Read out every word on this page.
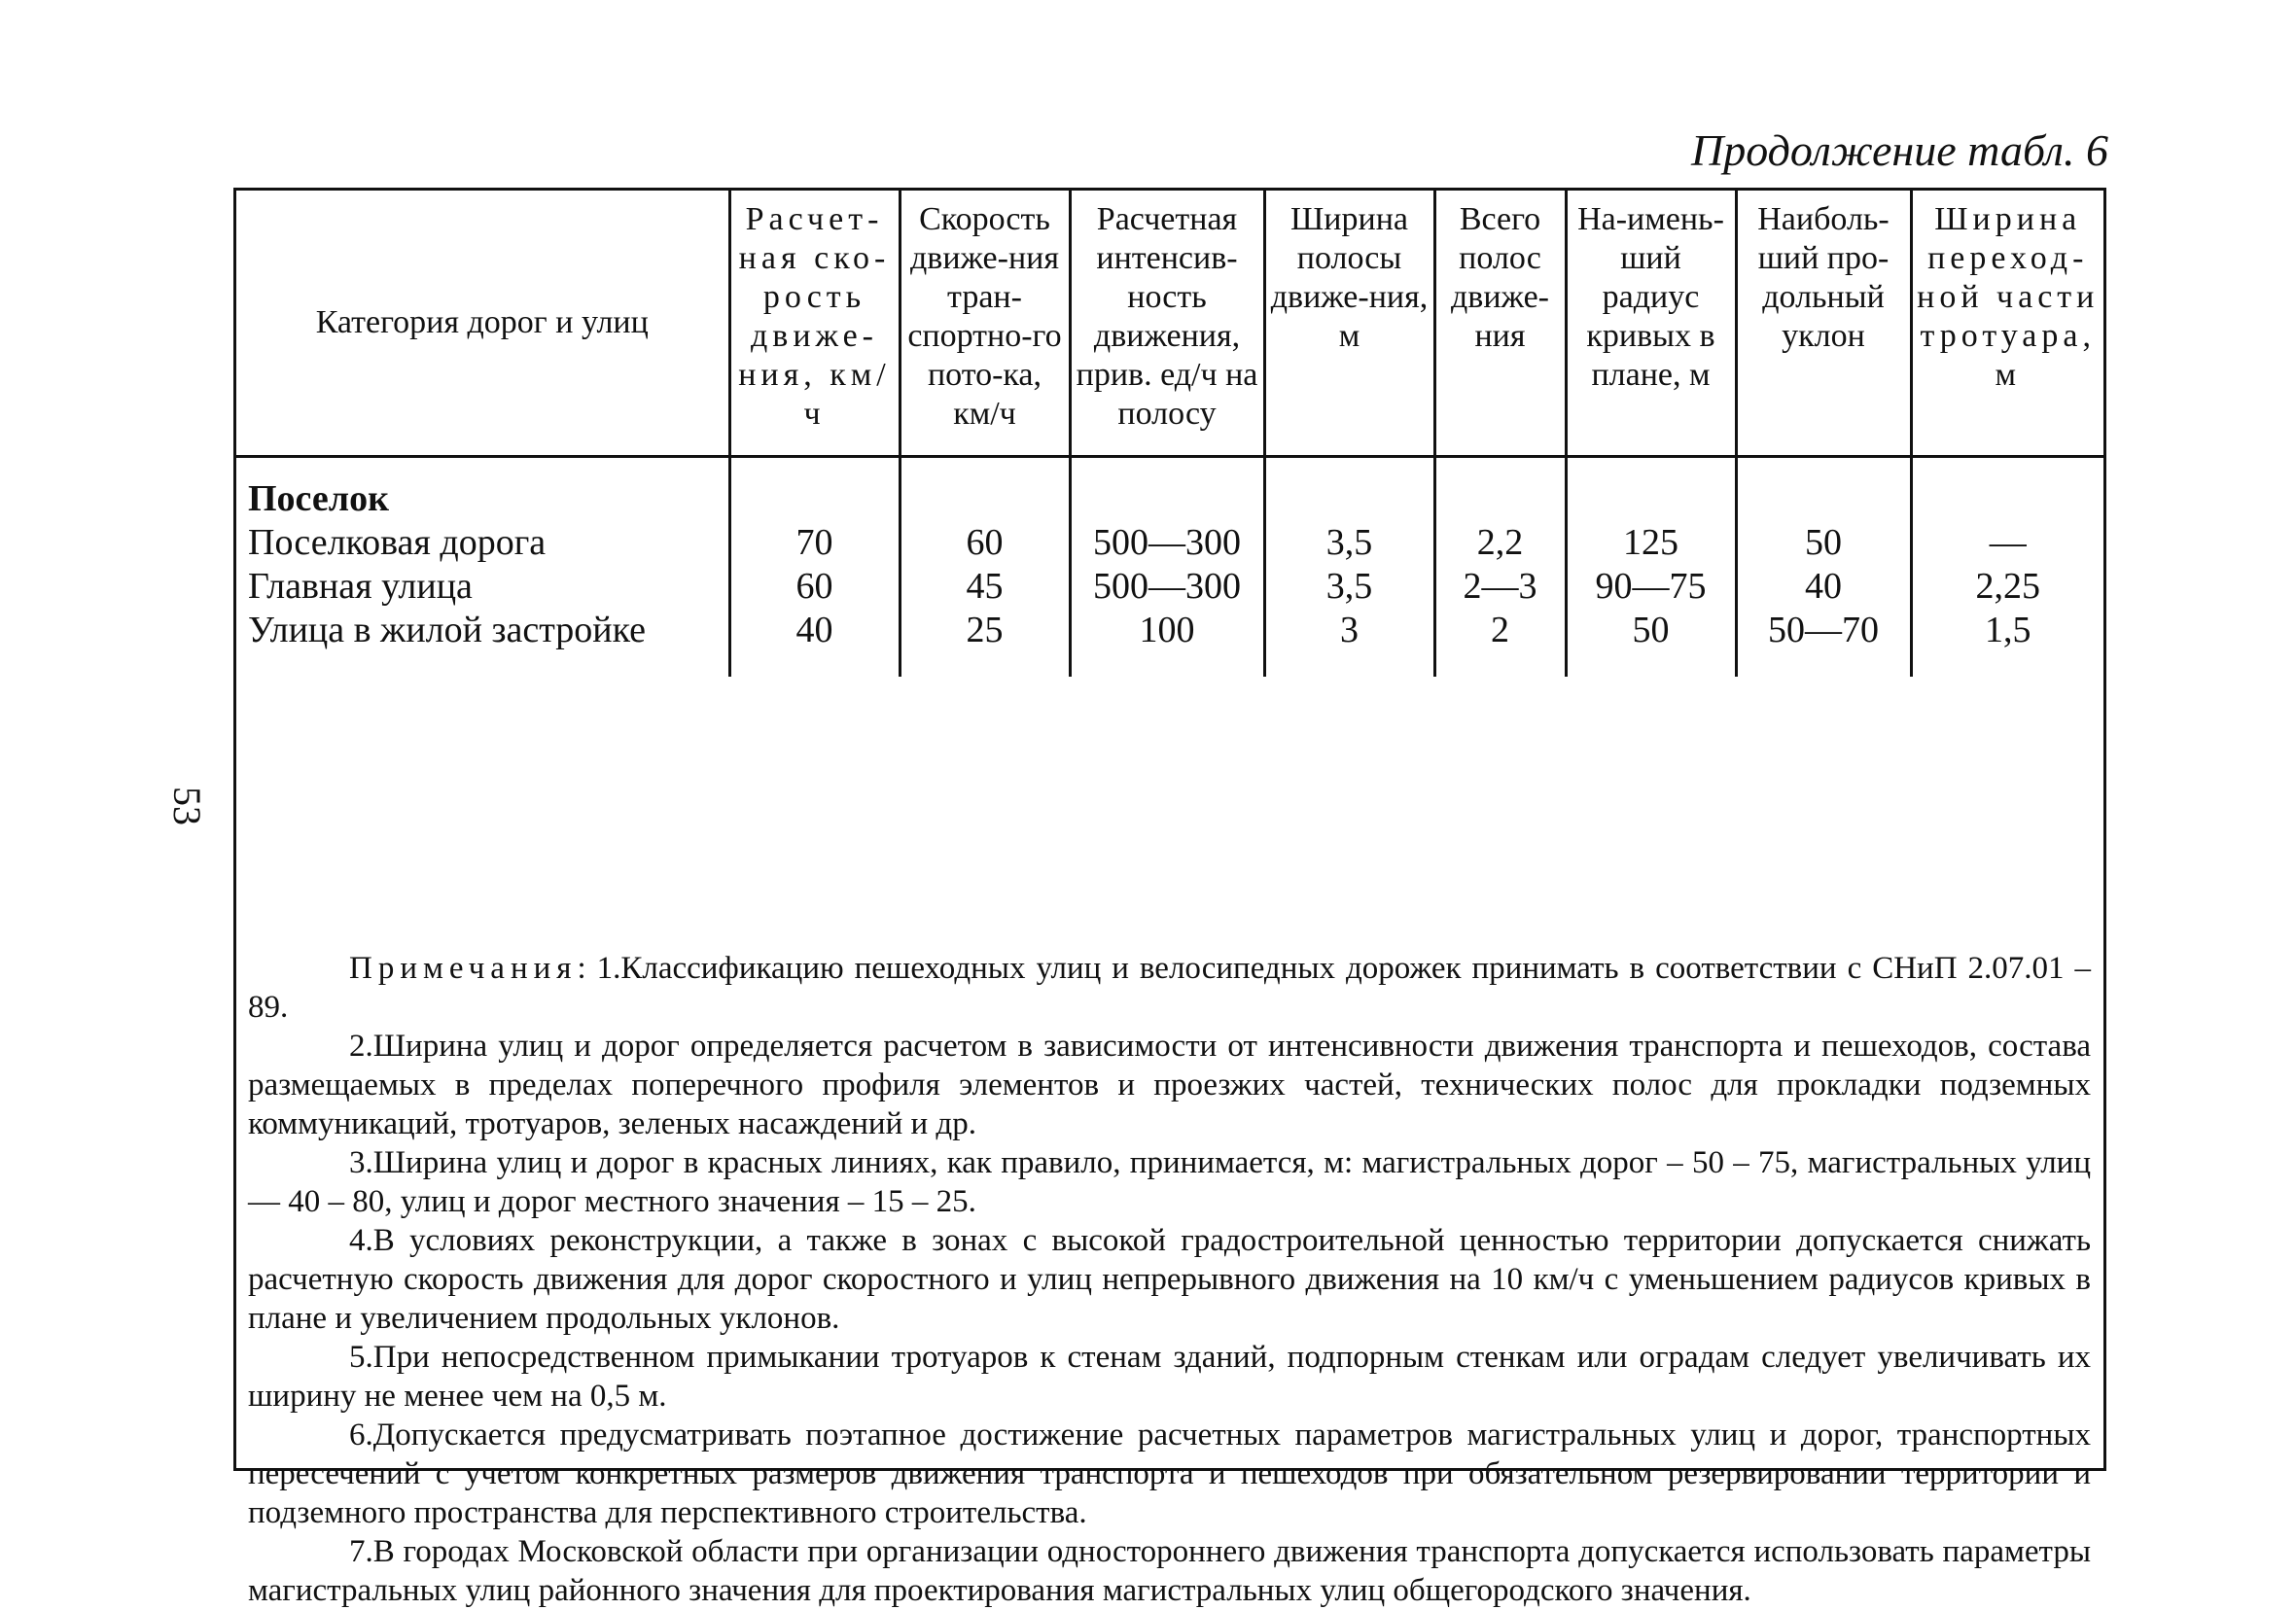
53
Продолжение табл. 6
Категория дорог и улиц	Расчет-ная ско-рость движе-ния, км/ч	Скорость движе-ния тран-спортно-го пото-ка, км/ч	Расчетная интенсив-ность движения, прив. ед/ч на полосу	Ширина полосы движе-ния, м	Всего полос движе-ния	На-имень-ший радиус кривых в плане, м	Наиболь-ший про-дольный уклон	Ширина переход-ной части тротуара, м
Поселок								
Поселковая дорога	70	60	500—300	3,5	2,2	125	50	—
Главная улица	60	45	500—300	3,5	2—3	90—75	40	2,25
Улица в жилой застройке	40	25	100	3	2	50	50—70	1,5

Примечания: 1.Классификацию пешеходных улиц и велосипедных дорожек принимать в соответствии с СНиП 2.07.01 – 89.

2.Ширина улиц и дорог определяется расчетом в зависимости от интенсивности движения транспорта и пешеходов, состава размещаемых в пределах поперечного профиля элементов и проезжих частей, технических полос для прокладки подземных коммуникаций, тротуаров, зеленых насаждений и др.

3.Ширина улиц и дорог в красных линиях, как правило, принимается, м: магистральных дорог – 50 – 75, магистральных улиц — 40 – 80, улиц и дорог местного значения – 15 – 25.

4.В условиях реконструкции, а также в зонах с высокой градостроительной ценностью территории допускается снижать расчетную скорость движения для дорог скоростного и улиц непрерывного движения на 10 км/ч с уменьшением радиусов кривых в плане и увеличением продольных уклонов.

5.При непосредственном примыкании тротуаров к стенам зданий, подпорным стенкам или оградам следует увеличивать их ширину не менее чем на 0,5 м.

6.Допускается предусматривать поэтапное достижение расчетных параметров магистральных улиц и дорог, транспортных пересечений с учетом конкретных размеров движения транспорта и пешеходов при обязательном резервировании территории и подземного пространства для перспективного строительства.

7.В городах Московской области при организации одностороннего движения транспорта допускается использовать параметры магистральных улиц районного значения для проектирования магистральных улиц общегородского значения.
